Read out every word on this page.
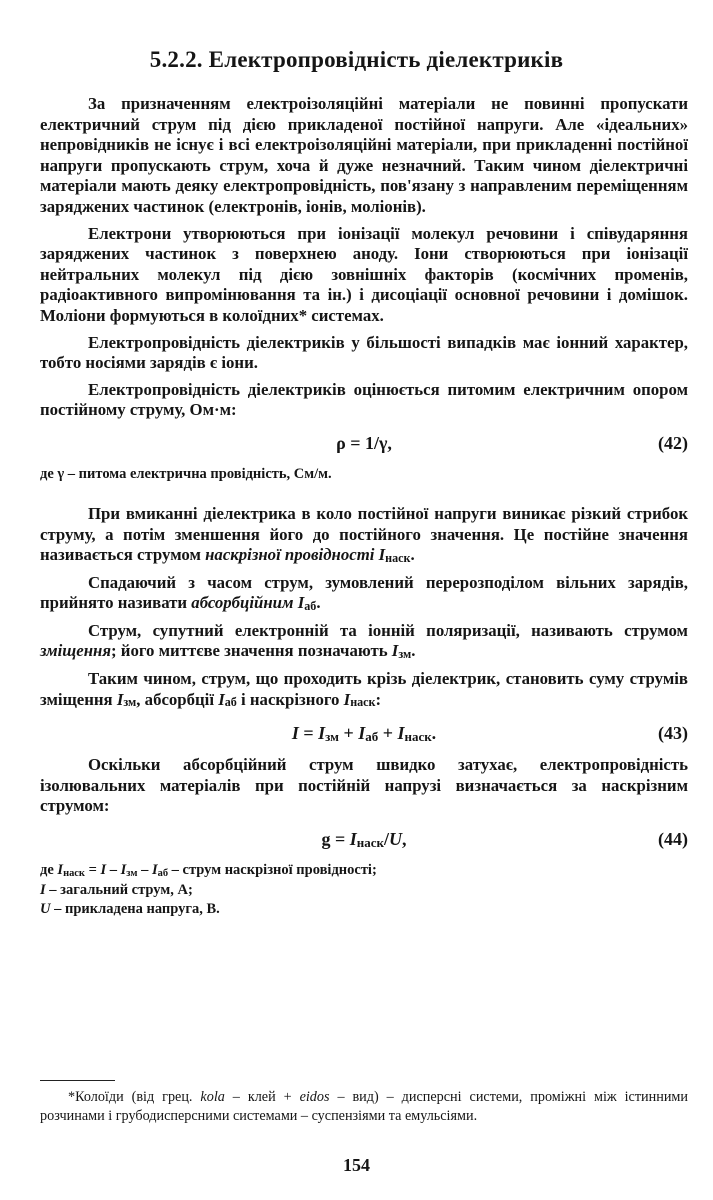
5.2.2. Електропровідність діелектриків

За призначенням електроізоляційні матеріали не повинні пропускати електричний струм під дією прикладеної постійної напруги. Але «ідеальних» непровідників не існує і всі електроізоляційні матеріали, при прикладенні постійної напруги пропускають струм, хоча й дуже незначний. Таким чином діелектричні матеріали мають деяку електропровідність, пов'язану з направленим переміщенням заряджених частинок (електронів, іонів, моліонів).

Електрони утворюються при іонізації молекул речовини і співударяння заряджених частинок з поверхнею аноду. Іони створюються при іонізації нейтральних молекул під дією зовнішніх факторів (космічних променів, радіоактивного випромінювання та ін.) і дисоціації основної речовини і домішок. Моліони формуються в колоїдних* системах.

Електропровідність діелектриків у більшості випадків має іонний характер, тобто носіями зарядів є іони.

Електропровідність діелектриків оцінюється питомим електричним опором постійному струму, Ом·м:

ρ = 1/γ,	(42)
де γ – питома електрична провідність, См/м.

При вмиканні діелектрика в коло постійної напруги виникає різкий стрибок струму, а потім зменшення його до постійного значення. Це постійне значення називається струмом наскрізної провідності $I_{наск}$.

Спадаючий з часом струм, зумовлений перерозподілом вільних зарядів, прийнято називати абсорбційним $I_{аб}$.

Струм, супутний електронній та іонній поляризації, називають струмом зміщення; його миттєве значення позначають $I_{зм}$.

Таким чином, струм, що проходить крізь діелектрик, становить суму струмів зміщення $I_{зм}$, абсорбції $I_{аб}$ і наскрізного $I_{наск}$:

$I = I_{зм} + I_{аб} + I_{наск}$.	(43)

Оскільки абсорбційний струм швидко затухає, електропровідність ізолювальних матеріалів при постійній напрузі визначається за наскрізним струмом:

$g = I_{наск}/U$,	(44)
де $I_{наск} = I - I_{зм} - I_{аб}$ – струм наскрізної провідності;
I – загальний струм, А;
U – прикладена напруга, В.
*Колоїди (від грец. kola – клей + eidos – вид) – дисперсні системи, проміжні між істинними розчинами і грубодисперсними системами – суспензіями та емульсіями.
154
